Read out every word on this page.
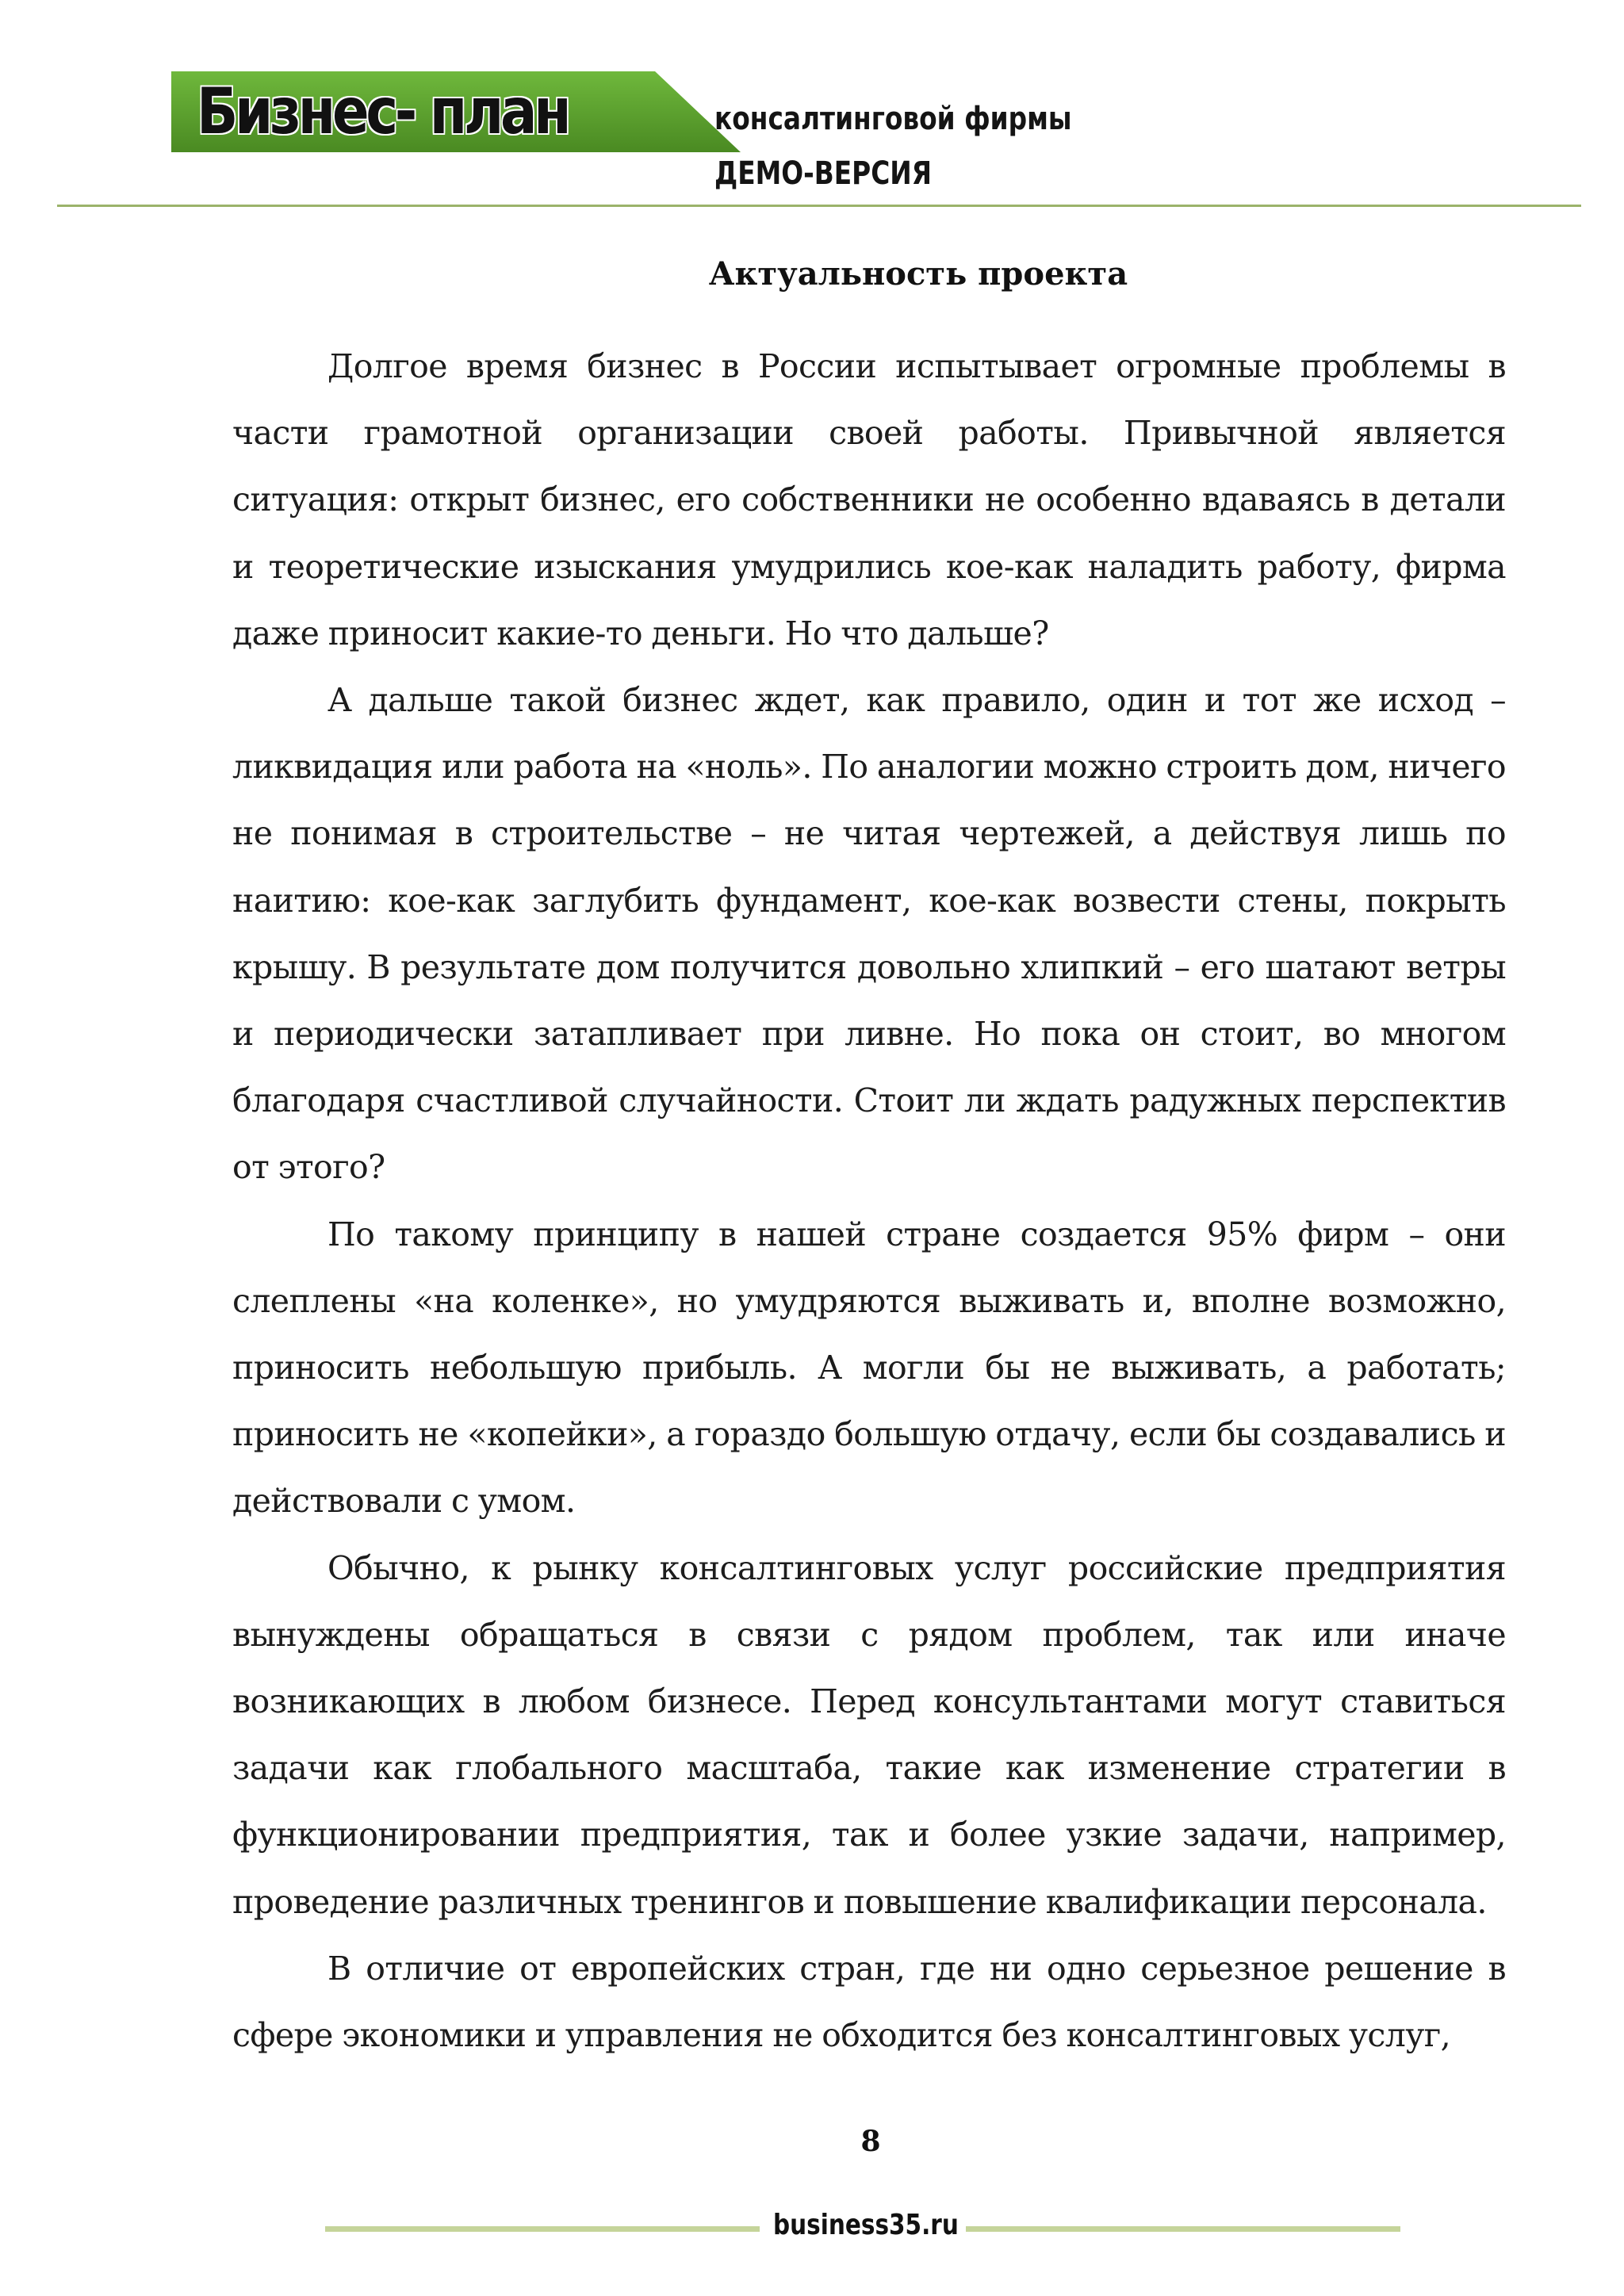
Бизнес- план	консалтинговой фирмы
ДЕМО-ВЕРСИЯ
Актуальность проекта

Долгое время бизнес в России испытывает огромные проблемы в части грамотной организации своей работы. Привычной является ситуация: открыт бизнес, его собственники не особенно вдаваясь в детали и теоретические изыскания умудрились кое-как наладить работу, фирма даже приносит какие-то деньги. Но что дальше?

А дальше такой бизнес ждет, как правило, один и тот же исход – ликвидация или работа на «ноль». По аналогии можно строить дом, ничего не понимая в строительстве – не читая чертежей, а действуя лишь по наитию: кое-как заглубить фундамент, кое-как возвести стены, покрыть крышу. В результате дом получится довольно хлипкий – его шатают ветры и периодически затапливает при ливне. Но пока он стоит, во многом благодаря счастливой случайности. Стоит ли ждать радужных перспектив от этого?

По такому принципу в нашей стране создается 95% фирм – они слеплены «на коленке», но умудряются выживать и, вполне возможно, приносить небольшую прибыль. А могли бы не выживать, а работать; приносить не «копейки», а гораздо большую отдачу, если бы создавались и действовали с умом.

Обычно, к рынку консалтинговых услуг российские предприятия вынуждены обращаться в связи с рядом проблем, так или иначе возникающих в любом бизнесе. Перед консультантами могут ставиться задачи как глобального масштаба, такие как изменение стратегии в функционировании предприятия, так и более узкие задачи, например, проведение различных тренингов и повышение квалификации персонала.

В отличие от европейских стран, где ни одно серьезное решение в сфере экономики и управления не обходится без консалтинговых услуг,

8
business35.ru
